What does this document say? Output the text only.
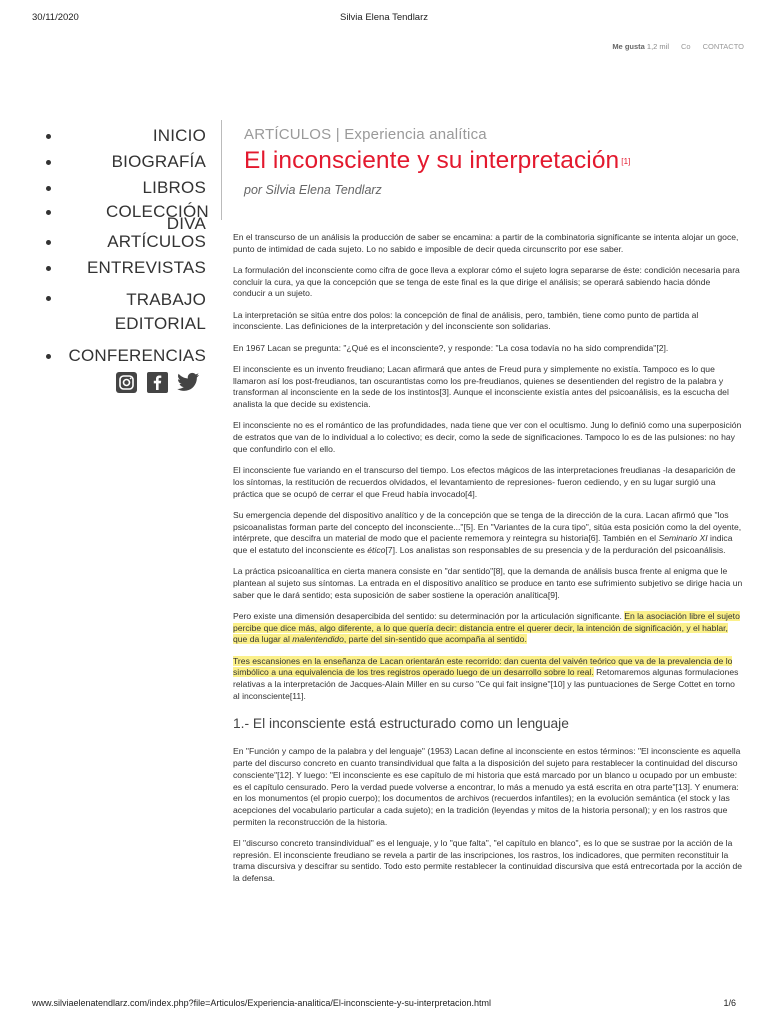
30/11/2020	Silvia Elena Tendlarz
Me gusta 1,2 mil Co CONTACTO
INICIO
BIOGRAFÍA
LIBROS
COLECCIÓN DIVA
ARTÍCULOS
ENTREVISTAS
TRABAJO EDITORIAL
CONFERENCIAS
ARTÍCULOS | Experiencia analítica
El inconsciente y su interpretación [1]
por Silvia Elena Tendlarz

En el transcurso de un análisis la producción de saber se encamina: a partir de la combinatoria significante se intenta alojar un goce, punto de intimidad de cada sujeto. Lo no sabido e imposible de decir queda circunscrito por ese saber.

La formulación del inconsciente como cifra de goce lleva a explorar cómo el sujeto logra separarse de éste: condición necesaria para concluir la cura, ya que la concepción que se tenga de este final es la que dirige el análisis; se operará sabiendo hacia dónde conducir a un sujeto.

La interpretación se sitúa entre dos polos: la concepción de final de análisis, pero, también, tiene como punto de partida al inconsciente. Las definiciones de la interpretación y del inconsciente son solidarias.

En 1967 Lacan se pregunta: "¿Qué es el inconsciente?, y responde: "La cosa todavía no ha sido comprendida"[2].

El inconsciente es un invento freudiano; Lacan afirmará que antes de Freud pura y simplemente no existía. Tampoco es lo que llamaron así los post-freudianos, tan oscurantistas como los pre-freudianos, quienes se desentienden del registro de la palabra y transforman al inconsciente en la sede de los instintos[3]. Aunque el inconsciente existía antes del psicoanálisis, es la escucha del analista la que decide su existencia.

El inconsciente no es el romántico de las profundidades, nada tiene que ver con el ocultismo. Jung lo definió como una superposición de estratos que van de lo individual a lo colectivo; es decir, como la sede de significaciones. Tampoco lo es de las pulsiones: no hay que confundirlo con el ello.

El inconsciente fue variando en el transcurso del tiempo. Los efectos mágicos de las interpretaciones freudianas -la desaparición de los síntomas, la restitución de recuerdos olvidados, el levantamiento de represiones- fueron cediendo, y en su lugar surgió una práctica que se ocupó de cerrar el que Freud había invocado[4].

Su emergencia depende del dispositivo analítico y de la concepción que se tenga de la dirección de la cura. Lacan afirmó que "los psicoanalistas forman parte del concepto del inconsciente..."[5]. En "Variantes de la cura tipo", sitúa esta posición como la del oyente, intérprete, que descifra un material de modo que el paciente rememora y reintegra su historia[6]. También en el Seminario XI indica que el estatuto del inconsciente es ético[7]. Los analistas son responsables de su presencia y de la perduración del psicoanálisis.

La práctica psicoanalítica en cierta manera consiste en "dar sentido"[8], que la demanda de análisis busca frente al enigma que le plantean al sujeto sus síntomas. La entrada en el dispositivo analítico se produce en tanto ese sufrimiento subjetivo se dirige hacia un saber que le dará sentido; esta suposición de saber sostiene la operación analítica[9].

Pero existe una dimensión desapercibida del sentido: su determinación por la articulación significante. En la asociación libre el sujeto percibe que dice más, algo diferente, a lo que quería decir: distancia entre el querer decir, la intención de significación, y el hablar, que da lugar al malentendido, parte del sin-sentido que acompaña al sentido.

Tres escansiones en la enseñanza de Lacan orientarán este recorrido: dan cuenta del vaivén teórico que va de la prevalencia de lo simbólico a una equivalencia de los tres registros operado luego de un desarrollo sobre lo real. Retomaremos algunas formulaciones relativas a la interpretación de Jacques-Alain Miller en su curso "Ce qui fait insigne"[10] y las puntuaciones de Serge Cottet en torno al inconsciente[11].

1.- El inconsciente está estructurado como un lenguaje

En "Función y campo de la palabra y del lenguaje" (1953) Lacan define al inconsciente en estos términos: "El inconsciente es aquella parte del discurso concreto en cuanto transindividual que falta a la disposición del sujeto para restablecer la continuidad del discurso consciente"[12]. Y luego: "El inconsciente es ese capítulo de mi historia que está marcado por un blanco u ocupado por un embuste: es el capítulo censurado. Pero la verdad puede volverse a encontrar, lo más a menudo ya está escrita en otra parte"[13]. Y enumera: en los monumentos (el propio cuerpo); los documentos de archivos (recuerdos infantiles); en la evolución semántica (el stock y las acepciones del vocabulario particular a cada sujeto); en la tradición (leyendas y mitos de la historia personal); y en los rastros que permiten la reconstrucción de la historia.

El "discurso concreto transindividual" es el lenguaje, y lo "que falta", "el capítulo en blanco", es lo que se sustrae por la acción de la represión. El inconsciente freudiano se revela a partir de las inscripciones, los rastros, los indicadores, que permiten reconstituir la trama discursiva y descifrar su sentido. Todo esto permite restablecer la continuidad discursiva que está entrecortada por la acción de la defensa.

www.silviaelenatendlarz.com/index.php?file=Articulos/Experiencia-analitica/El-inconsciente-y-su-interpretacion.html	1/6
